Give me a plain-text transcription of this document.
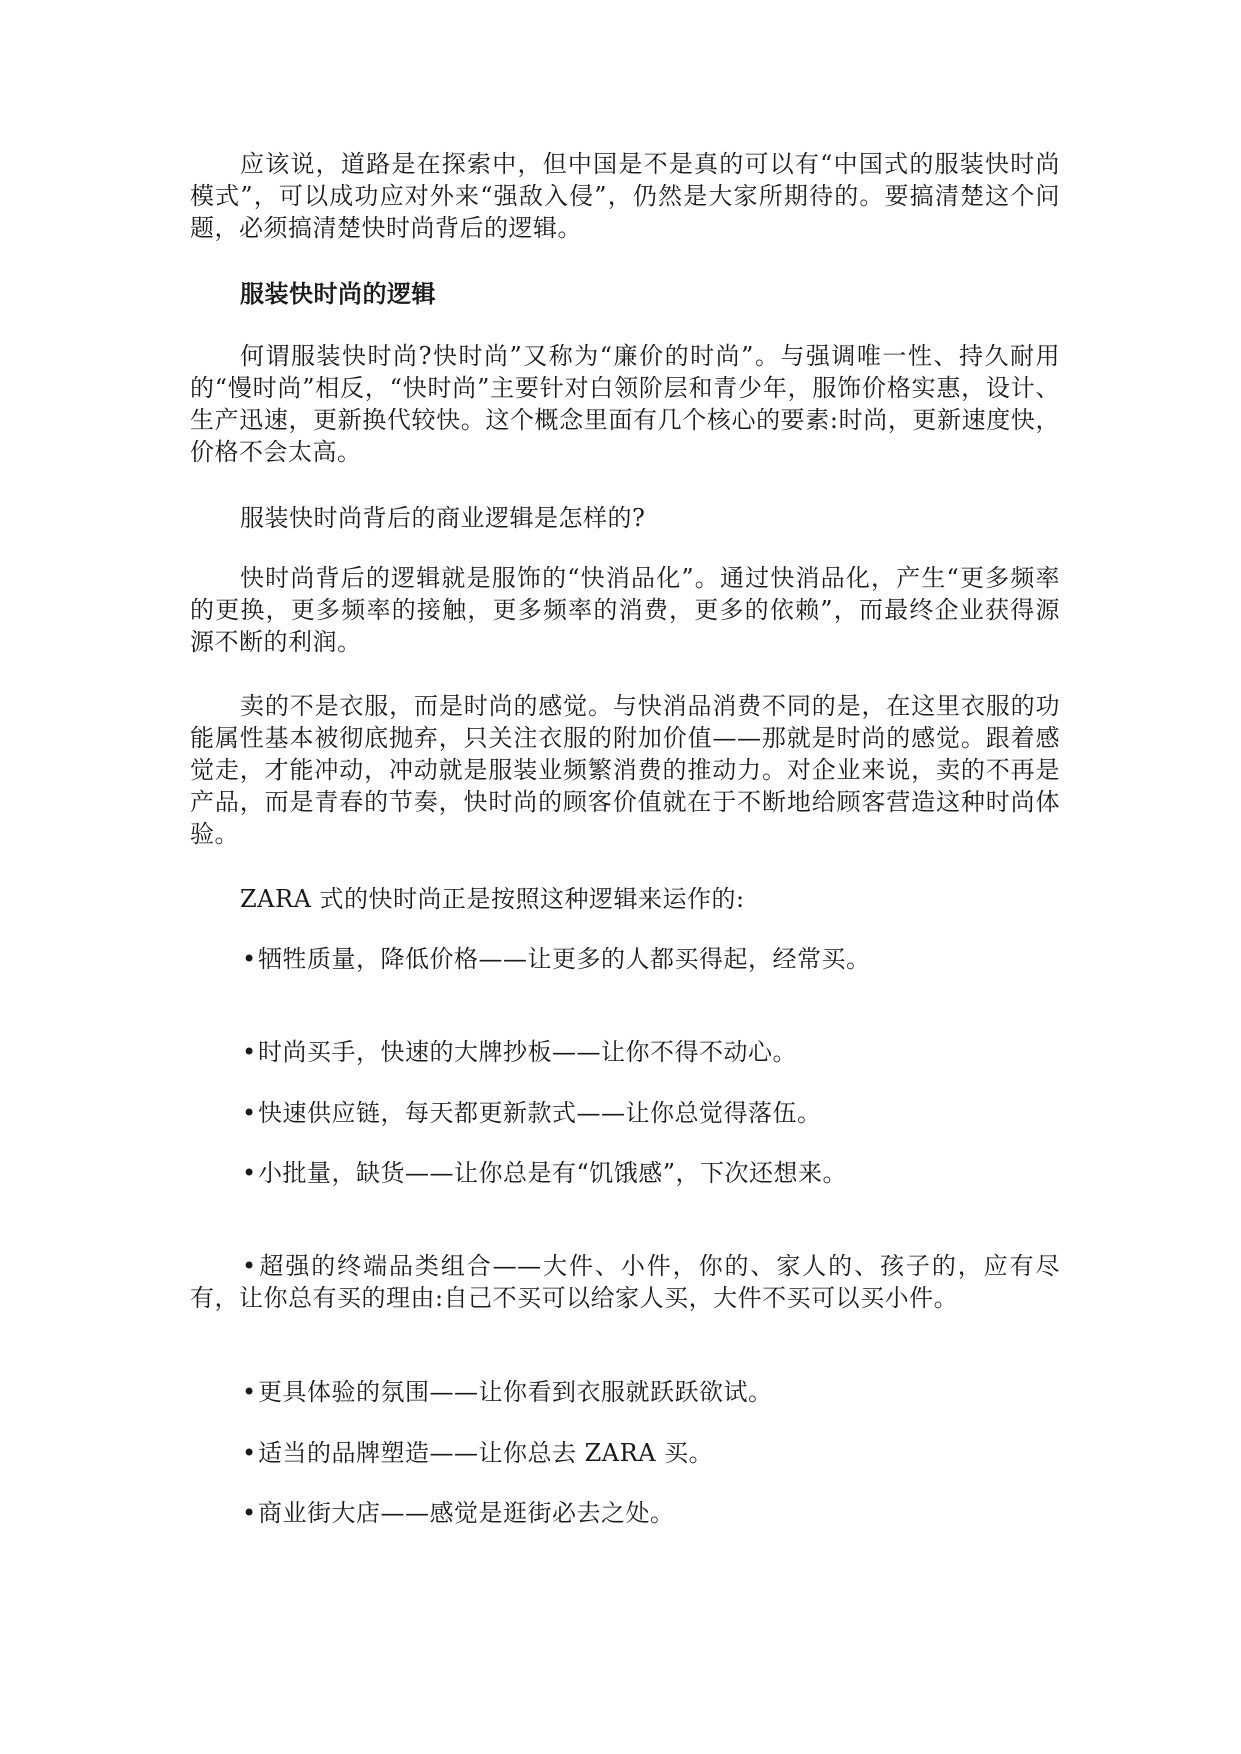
应该说，道路是在探索中，但中国是不是真的可以有“中国式的服装快时尚模式”，可以成功应对外来“强敌入侵”，仍然是大家所期待的。要搞清楚这个问题，必须搞清楚快时尚背后的逻辑。

服装快时尚的逻辑

何谓服装快时尚?快时尚”又称为“廉价的时尚”。与强调唯一性、持久耐用的“慢时尚”相反，“快时尚”主要针对白领阶层和青少年，服饰价格实惠，设计、生产迅速，更新换代较快。这个概念里面有几个核心的要素:时尚，更新速度快，价格不会太高。

服装快时尚背后的商业逻辑是怎样的?

快时尚背后的逻辑就是服饰的“快消品化”。通过快消品化，产生“更多频率的更换，更多频率的接触，更多频率的消费，更多的依赖”，而最终企业获得源源不断的利润。

卖的不是衣服，而是时尚的感觉。与快消品消费不同的是，在这里衣服的功能属性基本被彻底抛弃，只关注衣服的附加价值——那就是时尚的感觉。跟着感觉走，才能冲动，冲动就是服装业频繁消费的推动力。对企业来说，卖的不再是产品，而是青春的节奏，快时尚的顾客价值就在于不断地给顾客营造这种时尚体验。

ZARA 式的快时尚正是按照这种逻辑来运作的:

•牺牲质量，降低价格——让更多的人都买得起，经常买。

•时尚买手，快速的大牌抄板——让你不得不动心。

•快速供应链，每天都更新款式——让你总觉得落伍。

•小批量，缺货——让你总是有“饥饿感”，下次还想来。

•超强的终端品类组合——大件、小件，你的、家人的、孩子的，应有尽有，让你总有买的理由:自己不买可以给家人买，大件不买可以买小件。

•更具体验的氛围——让你看到衣服就跃跃欲试。

•适当的品牌塑造——让你总去 ZARA 买。

•商业街大店——感觉是逛街必去之处。
